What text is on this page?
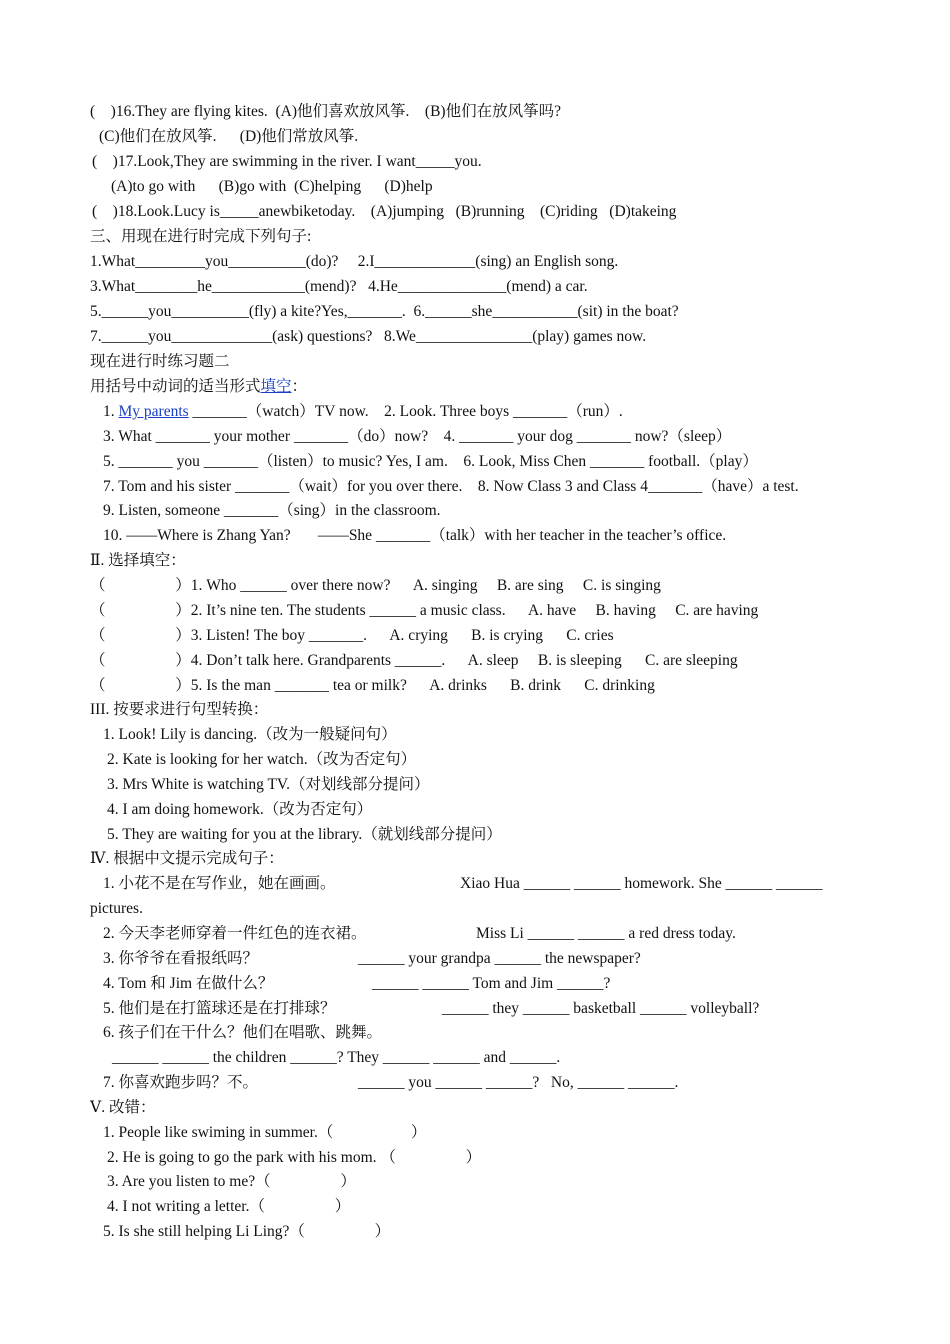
(    )16.They are flying kites.  (A)他们喜欢放风筝.    (B)他们在放风筝吗?
(C)他们在放风筝.      (D)他们常放风筝.
(    )17.Look,They are swimming in the river. I want_____you.
(A)to go with      (B)go with  (C)helping      (D)help
(    )18.Look.Lucy is_____anewbiketoday.    (A)jumping   (B)running    (C)riding   (D)takeing
三、用现在进行时完成下列句子:
1.What_________you__________(do)?     2.I_____________(sing) an English song.
3.What________he____________(mend)?   4.He______________(mend) a car.
5.______you__________(fly) a kite?Yes,_______.  6.______she___________(sit) in the boat?
7.______you_____________(ask) questions?   8.We_______________(play) games now.
现在进行时练习题二
用括号中动词的适当形式填空：
1. My parents _______（watch）TV now.    2. Look. Three boys _______（run）.
3. What _______ your mother _______（do）now?    4. _______ your dog _______ now?（sleep）
5. _______ you _______（listen）to music? Yes, I am.    6. Look, Miss Chen _______ football.（play）
7. Tom and his sister _______（wait）for you over there.    8. Now Class 3 and Class 4_______（have）a test.
9. Listen, someone _______（sing）in the classroom.
10. ——Where is Zhang Yan?       ——She _______（talk）with her teacher in the teacher’s office.
Ⅱ. 选择填空：
（                  ）1. Who ______ over there now?      A. singing     B. are sing     C. is singing
（                  ）2. It’s nine ten. The students ______ a music class.      A. have     B. having     C. are having
（                  ）3. Listen! The boy _______.      A. crying      B. is crying      C. cries
（                  ）4. Don’t talk here. Grandparents ______.      A. sleep     B. is sleeping      C. are sleeping
（                  ）5. Is the man _______ tea or milk?      A. drinks      B. drink      C. drinking
III. 按要求进行句型转换：
1. Look! Lily is dancing.（改为一般疑问句）
2. Kate is looking for her watch.（改为否定句）
3. Mrs White is watching TV.（对划线部分提问）
4. I am doing homework.（改为否定句）
5. They are waiting for you at the library.（就划线部分提问）
Ⅳ. 根据中文提示完成句子：
1. 小花不是在写作业，她在画画。	Xiao Hua ______ ______ homework. She ______ ______
pictures.
2. 今天李老师穿着一件红色的连衣裙。	Miss Li ______ ______ a red dress today.
3. 你爷爷在看报纸吗？	______ your grandpa ______ the newspaper?
4. Tom 和 Jim 在做什么？	______ ______ Tom and Jim ______?
5. 他们是在打篮球还是在打排球？	______ they ______ basketball ______ volleyball?
6. 孩子们在干什么？他们在唱歌、跳舞。
______ ______ the children ______? They ______ ______ and ______.
7. 你喜欢跑步吗？不。	______ you ______ ______?   No, ______ ______.
Ⅴ. 改错：
1. People like swiming in summer.（                    ）
2. He is going to go the park with his mom. （                  ）
3. Are you listen to me?（                  ）
4. I not writing a letter.（                  ）
5. Is she still helping Li Ling?（                  ）
